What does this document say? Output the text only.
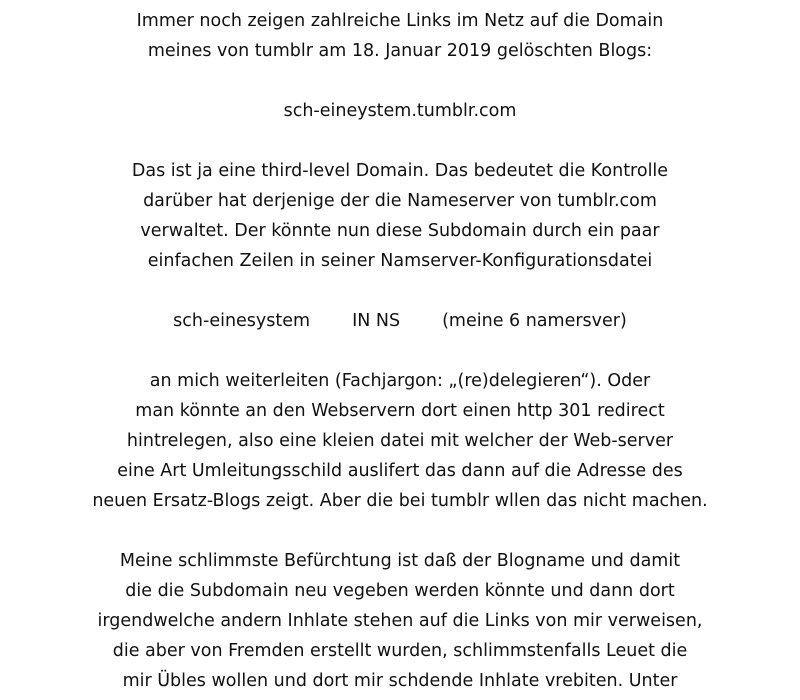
Immer noch zeigen zahlreiche Links im Netz auf die Domain
meines von tumblr am 18. Januar 2019 gelöschten Blogs:
sch-eineystem.tumblr.com
Das ist ja eine third-level Domain. Das bedeutet die Kontrolle
darüber hat derjenige der die Nameserver von tumblr.com
verwaltet. Der könnte nun diese Subdomain durch ein paar
einfachen Zeilen in seiner Namserver-Konfigurationsdatei
sch-einesystem IN NS (meine 6 namersver)
an mich weiterleiten (Fachjargon: „(re)delegieren“). Oder
man könnte an den Webservern dort einen http 301 redirect
hintrelegen, also eine kleien datei mit welcher der Web-server
eine Art Umleitungsschild auslifert das dann auf die Adresse des
neuen Ersatz-Blogs zeigt. Aber die bei tumblr wllen das nicht machen.
Meine schlimmste Befürchtung ist daß der Blogname und damit
die die Subdomain neu vegeben werden könnte und dann dort
irgendwelche andern Inhlate stehen auf die Links von mir verweisen,
die aber von Fremden erstellt wurden, schlimmstenfalls Leuet die
mir Übles wollen und dort mir schdende Inhlate vrebiten. Unter
